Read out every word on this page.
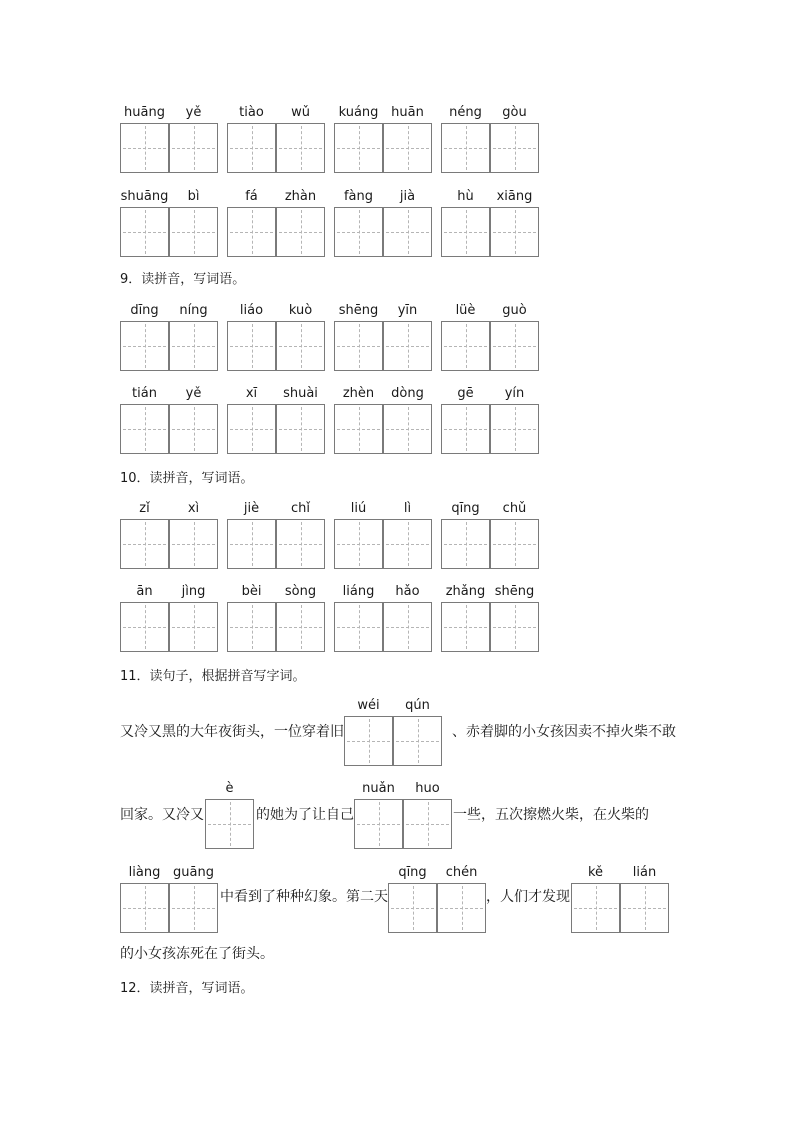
huāng	yě	tiào	wǔ	kuáng huān	néng	gòu
shuāng	bì	fá	zhàn	fàng	jià	hù	xiāng
9．读拼音，写词语。
dīng	níng	liáo	kuò	shēng	yīn	lüè	guò
tián	yě	xī	shuài	zhèn	dòng	gē	yín
10．读拼音，写词语。
zǐ	xì	jiè	chǐ	liú	lì	qīng	chǔ
ān	jìng	bèi	sòng	liáng	hǎo	zhǎng shēng
11．读句子，根据拼音写字词。
又冷又黑的大年夜街头，一位穿着旧
wéi	qún
、赤着脚的小女孩因卖不掉火柴不敢
回家。又冷又
è
的她为了让自己
nuǎn	huo
一些，五次擦燃火柴，在火柴的
liàng guāng
中看到了种种幻象。第二天
qīng	chén
，人们才发现
kě	lián
的小女孩冻死在了街头。
12．读拼音，写词语。
